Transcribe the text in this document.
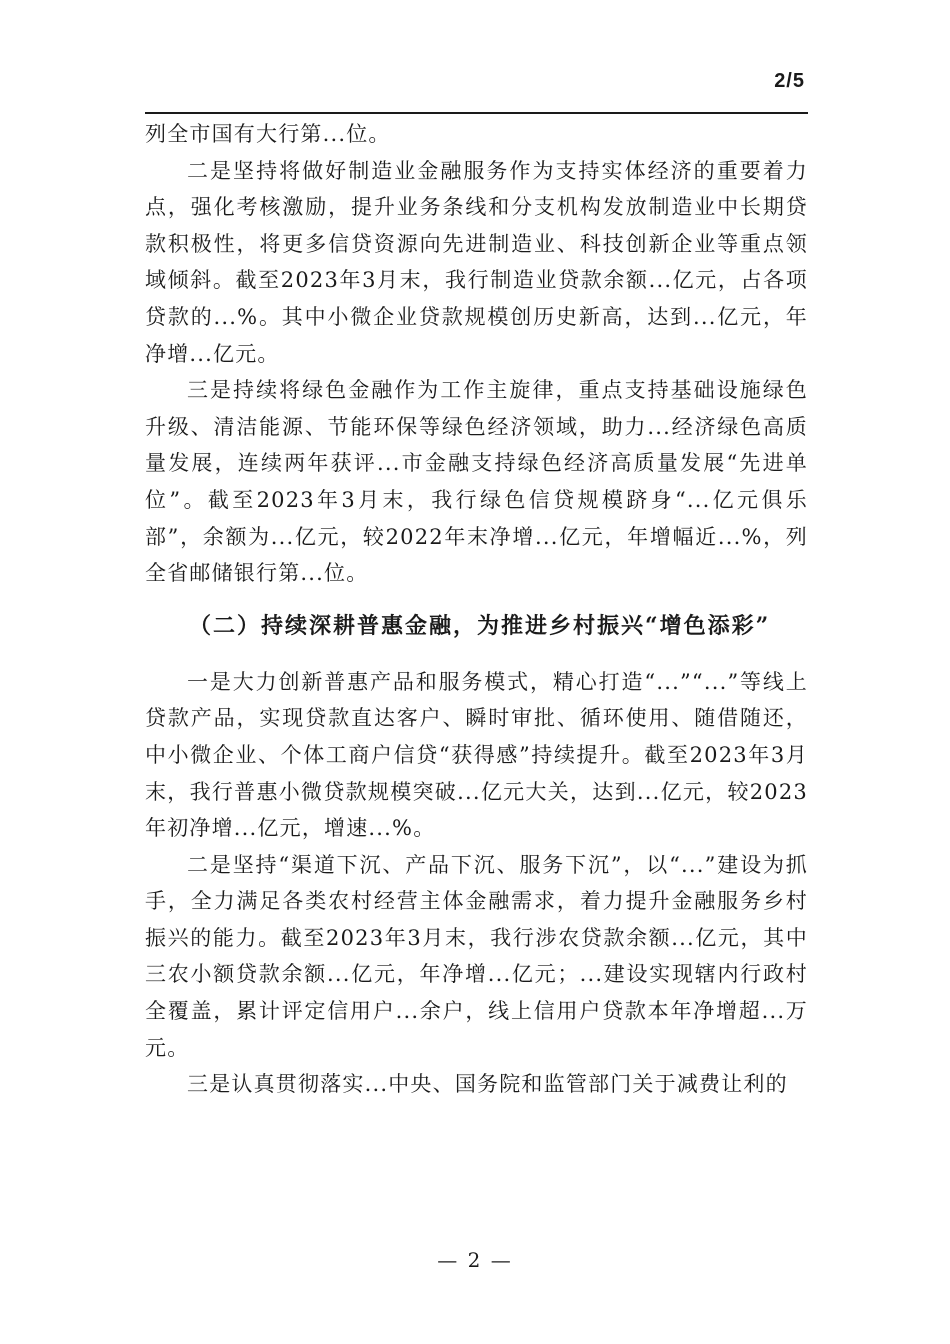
2/5

列全市国有大行第...位。

二是坚持将做好制造业金融服务作为支持实体经济的重要着力点，强化考核激励，提升业务条线和分支机构发放制造业中长期贷款积极性，将更多信贷资源向先进制造业、科技创新企业等重点领域倾斜。截至2023年3月末，我行制造业贷款余额...亿元，占各项贷款的...%。其中小微企业贷款规模创历史新高，达到...亿元，年净增...亿元。

三是持续将绿色金融作为工作主旋律，重点支持基础设施绿色升级、清洁能源、节能环保等绿色经济领域，助力...经济绿色高质量发展，连续两年获评...市金融支持绿色经济高质量发展“先进单位”。截至2023年3月末，我行绿色信贷规模跻身“...亿元俱乐部”，余额为...亿元，较2022年末净增...亿元，年增幅近...%，列全省邮储银行第...位。

（二）持续深耕普惠金融，为推进乡村振兴“增色添彩”

一是大力创新普惠产品和服务模式，精心打造“...”“...”等线上贷款产品，实现贷款直达客户、瞬时审批、循环使用、随借随还，中小微企业、个体工商户信贷“获得感”持续提升。截至2023年3月末，我行普惠小微贷款规模突破...亿元大关，达到...亿元，较2023年初净增...亿元，增速...%。

二是坚持“渠道下沉、产品下沉、服务下沉”，以“...”建设为抓手，全力满足各类农村经营主体金融需求，着力提升金融服务乡村振兴的能力。截至2023年3月末，我行涉农贷款余额...亿元，其中三农小额贷款余额...亿元，年净增...亿元；...建设实现辖内行政村全覆盖，累计评定信用户...余户，线上信用户贷款本年净增超...万元。

三是认真贯彻落实...中央、国务院和监管部门关于减费让利的

— 2 —
